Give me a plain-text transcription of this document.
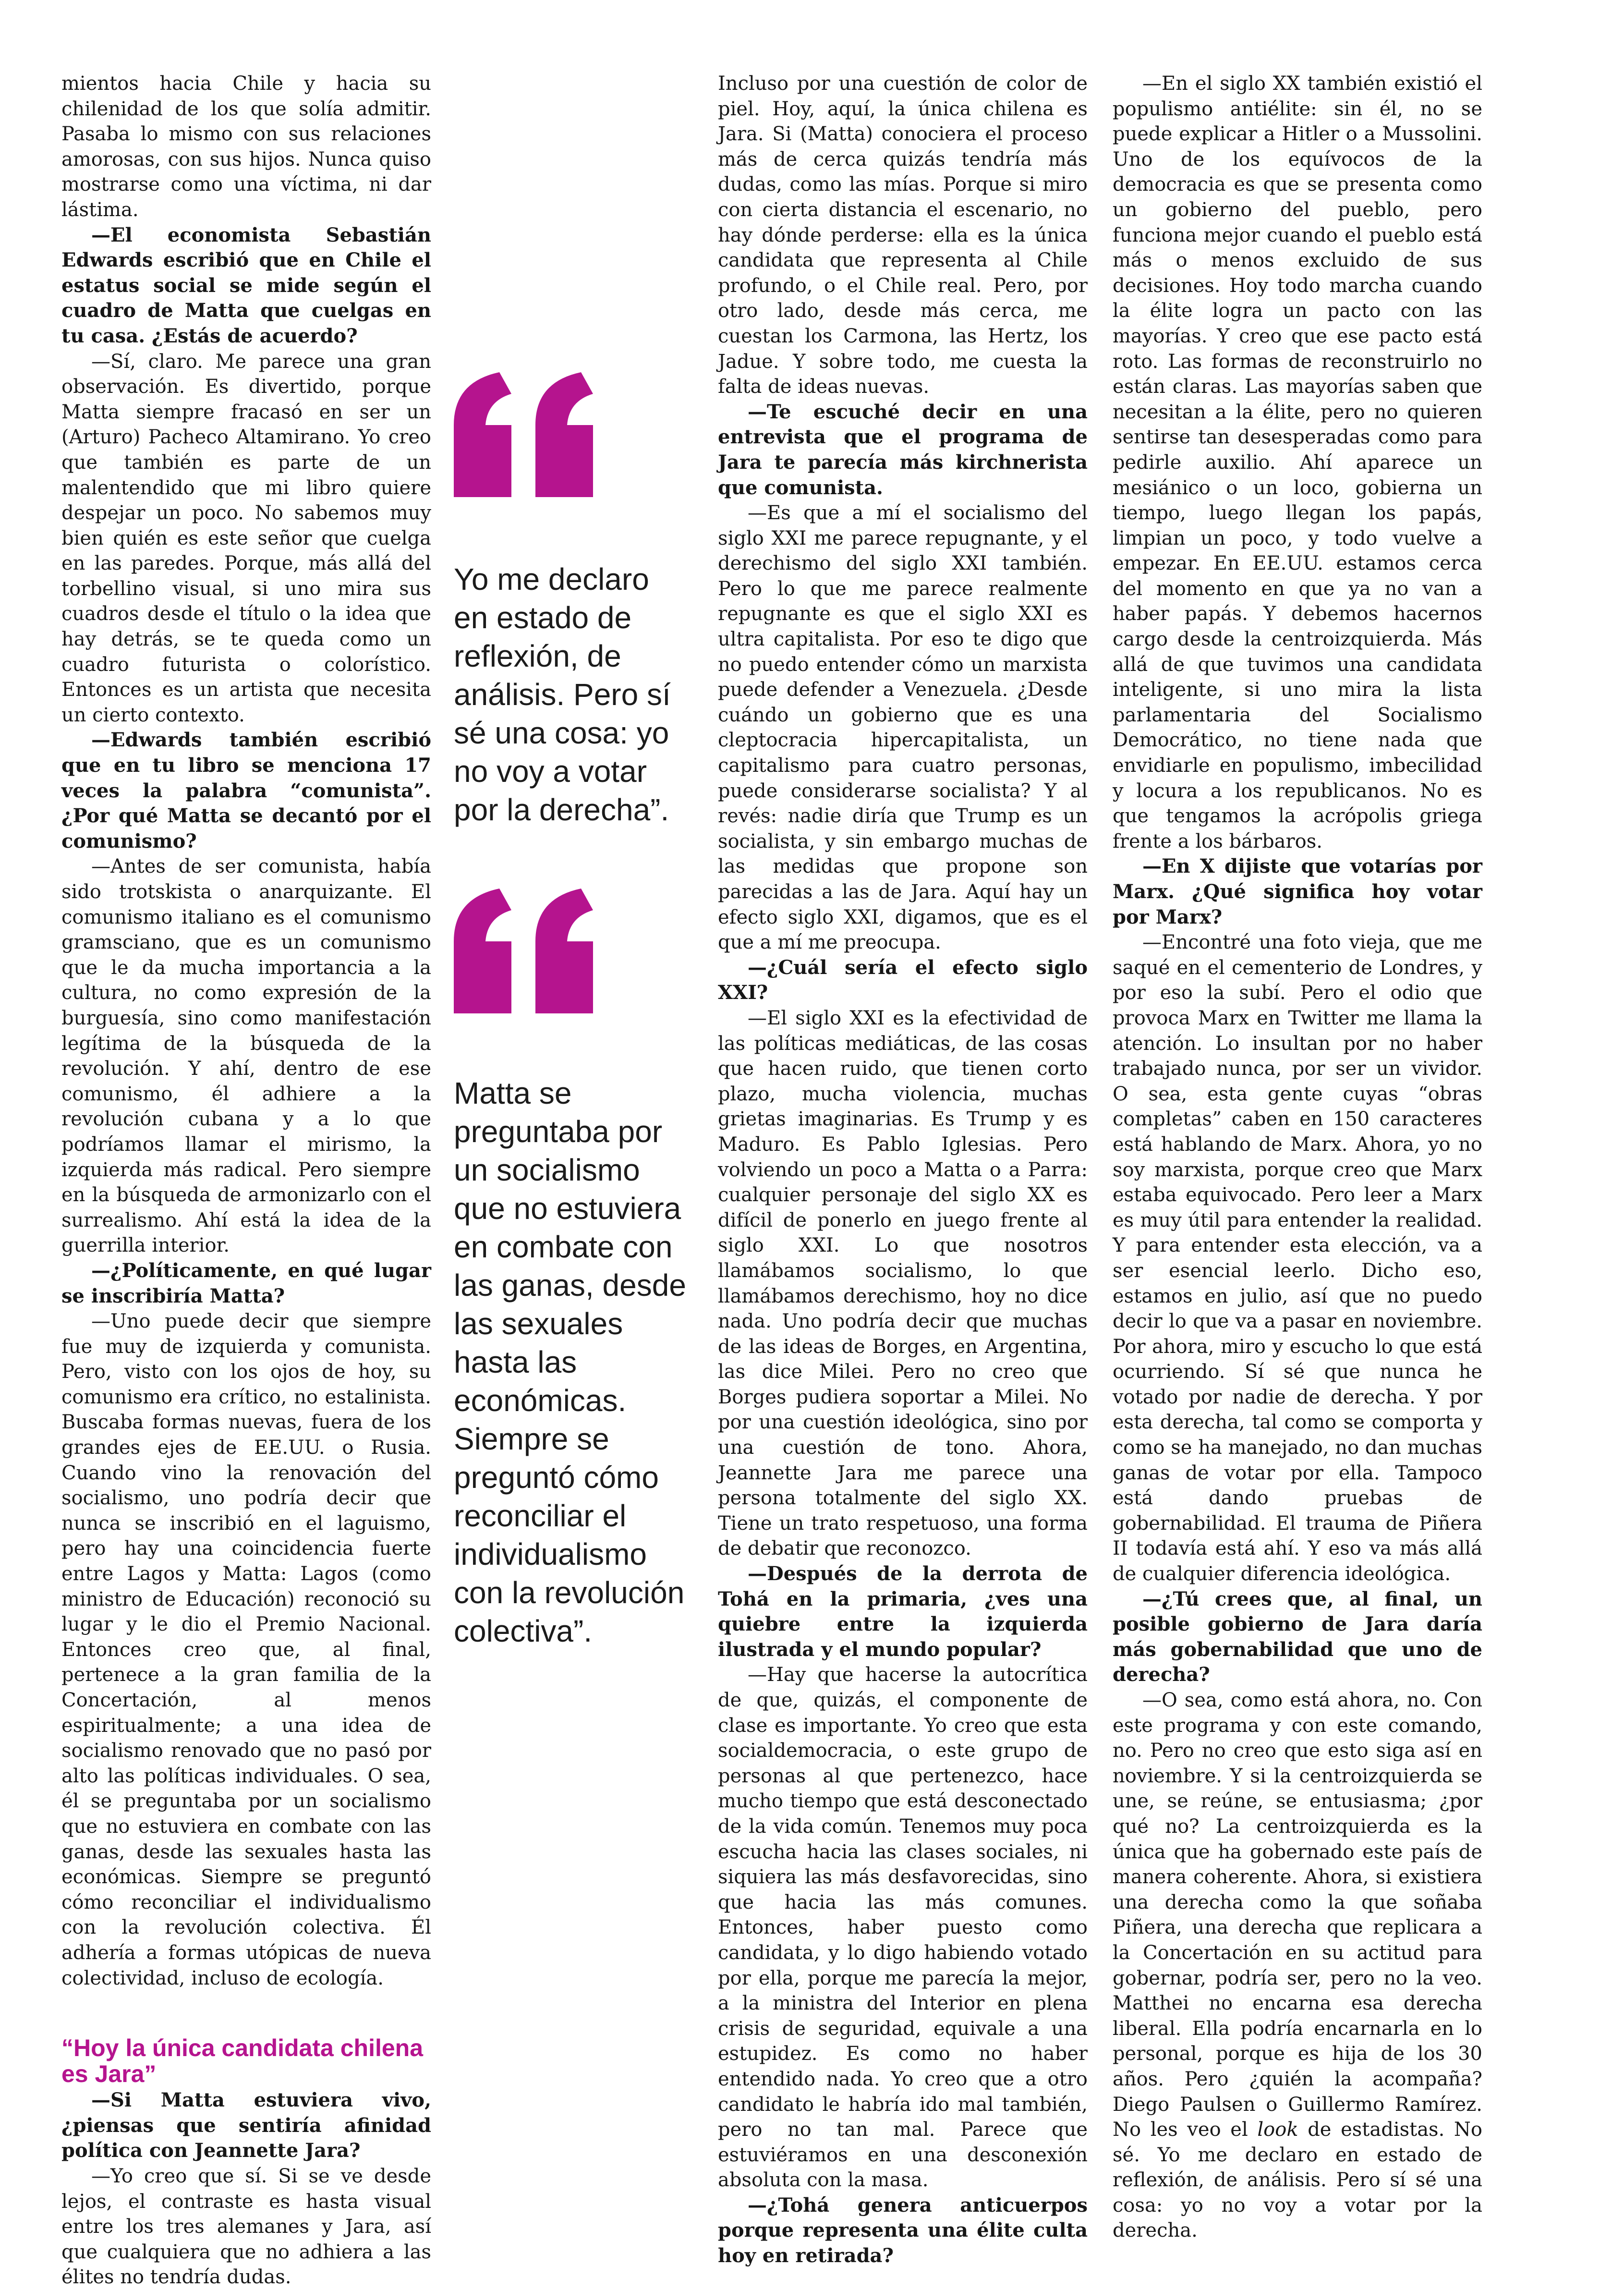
mientos hacia Chile y hacia su chilenidad de los que solía admitir. Pasaba lo mismo con sus relaciones amorosas, con sus hijos. Nunca quiso mostrarse como una víctima, ni dar lástima.

—El economista Sebastián Edwards escribió que en Chile el estatus social se mide según el cuadro de Matta que cuelgas en tu casa. ¿Estás de acuerdo?

—Sí, claro. Me parece una gran observación. Es divertido, porque Matta siempre fracasó en ser un (Arturo) Pacheco Altamirano. Yo creo que también es parte de un malentendido que mi libro quiere despejar un poco. No sabemos muy bien quién es este señor que cuelga en las paredes. Porque, más allá del torbellino visual, si uno mira sus cuadros desde el título o la idea que hay detrás, se te queda como un cuadro futurista o colorístico. Entonces es un artista que necesita un cierto contexto.

—Edwards también escribió que en tu libro se menciona 17 veces la palabra “comunista”. ¿Por qué Matta se decantó por el comunismo?

—Antes de ser comunista, había sido trotskista o anarquizante. El comunismo italiano es el comunismo gramsciano, que es un comunismo que le da mucha importancia a la cultura, no como expresión de la burguesía, sino como manifestación legítima de la búsqueda de la revolución. Y ahí, dentro de ese comunismo, él adhiere a la revolución cubana y a lo que podríamos llamar el mirismo, la izquierda más radical. Pero siempre en la búsqueda de armonizarlo con el surrealismo. Ahí está la idea de la guerrilla interior.

—¿Políticamente, en qué lugar se inscribiría Matta?

—Uno puede decir que siempre fue muy de izquierda y comunista. Pero, visto con los ojos de hoy, su comunismo era crítico, no estalinista. Buscaba formas nuevas, fuera de los grandes ejes de EE.UU. o Rusia. Cuando vino la renovación del socialismo, uno podría decir que nunca se inscribió en el laguismo, pero hay una coincidencia fuerte entre Lagos y Matta: Lagos (como ministro de Educación) reconoció su lugar y le dio el Premio Nacional. Entonces creo que, al final, pertenece a la gran familia de la Concertación, al menos espiritualmente; a una idea de socialismo renovado que no pasó por alto las políticas individuales. O sea, él se preguntaba por un socialismo que no estuviera en combate con las ganas, desde las sexuales hasta las económicas. Siempre se preguntó cómo reconciliar el individualismo con la revolución colectiva. Él adhería a formas utópicas de nueva colectividad, incluso de ecología.

“Hoy la única candidata chilena es Jara”

—Si Matta estuviera vivo, ¿piensas que sentiría afinidad política con Jeannette Jara?

—Yo creo que sí. Si se ve desde lejos, el contraste es hasta visual entre los tres alemanes y Jara, así que cualquiera que no adhiera a las élites no tendría dudas.

Yo me declaro
en estado de
reflexión, de
análisis. Pero sí
sé una cosa: yo
no voy a votar
por la derecha”.

Matta se
preguntaba por
un socialismo
que no estuviera
en combate con
las ganas, desde
las sexuales
hasta las
económicas.
Siempre se
preguntó cómo
reconciliar el
individualismo
con la revolución
colectiva”.

Incluso por una cuestión de color de piel. Hoy, aquí, la única chilena es Jara. Si (Matta) conociera el proceso más de cerca quizás tendría más dudas, como las mías. Porque si miro con cierta distancia el escenario, no hay dónde perderse: ella es la única candidata que representa al Chile profundo, o el Chile real. Pero, por otro lado, desde más cerca, me cuestan los Carmona, las Hertz, los Jadue. Y sobre todo, me cuesta la falta de ideas nuevas.

—Te escuché decir en una entrevista que el programa de Jara te parecía más kirchnerista que comunista.

—Es que a mí el socialismo del siglo XXI me parece repugnante, y el derechismo del siglo XXI también. Pero lo que me parece realmente repugnante es que el siglo XXI es ultra capitalista. Por eso te digo que no puedo entender cómo un marxista puede defender a Venezuela. ¿Desde cuándo un gobierno que es una cleptocracia hipercapitalista, un capitalismo para cuatro personas, puede considerarse socialista? Y al revés: nadie diría que Trump es un socialista, y sin embargo muchas de las medidas que propone son parecidas a las de Jara. Aquí hay un efecto siglo XXI, digamos, que es el que a mí me preocupa.

—¿Cuál sería el efecto siglo XXI?

—El siglo XXI es la efectividad de las políticas mediáticas, de las cosas que hacen ruido, que tienen corto plazo, mucha violencia, muchas grietas imaginarias. Es Trump y es Maduro. Es Pablo Iglesias. Pero volviendo un poco a Matta o a Parra: cualquier personaje del siglo XX es difícil de ponerlo en juego frente al siglo XXI. Lo que nosotros llamábamos socialismo, lo que llamábamos derechismo, hoy no dice nada. Uno podría decir que muchas de las ideas de Borges, en Argentina, las dice Milei. Pero no creo que Borges pudiera soportar a Milei. No por una cuestión ideológica, sino por una cuestión de tono. Ahora, Jeannette Jara me parece una persona totalmente del siglo XX. Tiene un trato respetuoso, una forma de debatir que reconozco.

—Después de la derrota de Tohá en la primaria, ¿ves una quiebre entre la izquierda ilustrada y el mundo popular?

—Hay que hacerse la autocrítica de que, quizás, el componente de clase es importante. Yo creo que esta socialdemocracia, o este grupo de personas al que pertenezco, hace mucho tiempo que está desconectado de la vida común. Tenemos muy poca escucha hacia las clases sociales, ni siquiera las más desfavorecidas, sino que hacia las más comunes. Entonces, haber puesto como candidata, y lo digo habiendo votado por ella, porque me parecía la mejor, a la ministra del Interior en plena crisis de seguridad, equivale a una estupidez. Es como no haber entendido nada. Yo creo que a otro candidato le habría ido mal también, pero no tan mal. Parece que estuviéramos en una desconexión absoluta con la masa.

—¿Tohá genera anticuerpos porque representa una élite culta hoy en retirada?

—En el siglo XX también existió el populismo antiélite: sin él, no se puede explicar a Hitler o a Mussolini. Uno de los equívocos de la democracia es que se presenta como un gobierno del pueblo, pero funciona mejor cuando el pueblo está más o menos excluido de sus decisiones. Hoy todo marcha cuando la élite logra un pacto con las mayorías. Y creo que ese pacto está roto. Las formas de reconstruirlo no están claras. Las mayorías saben que necesitan a la élite, pero no quieren sentirse tan desesperadas como para pedirle auxilio. Ahí aparece un mesiánico o un loco, gobierna un tiempo, luego llegan los papás, limpian un poco, y todo vuelve a empezar. En EE.UU. estamos cerca del momento en que ya no van a haber papás. Y debemos hacernos cargo desde la centroizquierda. Más allá de que tuvimos una candidata inteligente, si uno mira la lista parlamentaria del Socialismo Democrático, no tiene nada que envidiarle en populismo, imbecilidad y locura a los republicanos. No es que tengamos la acrópolis griega frente a los bárbaros.

—En X dijiste que votarías por Marx. ¿Qué significa hoy votar por Marx?

—Encontré una foto vieja, que me saqué en el cementerio de Londres, y por eso la subí. Pero el odio que provoca Marx en Twitter me llama la atención. Lo insultan por no haber trabajado nunca, por ser un vividor. O sea, esta gente cuyas “obras completas” caben en 150 caracteres está hablando de Marx. Ahora, yo no soy marxista, porque creo que Marx estaba equivocado. Pero leer a Marx es muy útil para entender la realidad. Y para entender esta elección, va a ser esencial leerlo. Dicho eso, estamos en julio, así que no puedo decir lo que va a pasar en noviembre. Por ahora, miro y escucho lo que está ocurriendo. Sí sé que nunca he votado por nadie de derecha. Y por esta derecha, tal como se comporta y como se ha manejado, no dan muchas ganas de votar por ella. Tampoco está dando pruebas de gobernabilidad. El trauma de Piñera II todavía está ahí. Y eso va más allá de cualquier diferencia ideológica.

—¿Tú crees que, al final, un posible gobierno de Jara daría más gobernabilidad que uno de derecha?

—O sea, como está ahora, no. Con este programa y con este comando, no. Pero no creo que esto siga así en noviembre. Y si la centroizquierda se une, se reúne, se entusiasma; ¿por qué no? La centroizquierda es la única que ha gobernado este país de manera coherente. Ahora, si existiera una derecha como la que soñaba Piñera, una derecha que replicara a la Concertación en su actitud para gobernar, podría ser, pero no la veo. Matthei no encarna esa derecha liberal. Ella podría encarnarla en lo personal, porque es hija de los 30 años. Pero ¿quién la acompaña? Diego Paulsen o Guillermo Ramírez. No les veo el look de estadistas. No sé. Yo me declaro en estado de reflexión, de análisis. Pero sí sé una cosa: yo no voy a votar por la derecha.
